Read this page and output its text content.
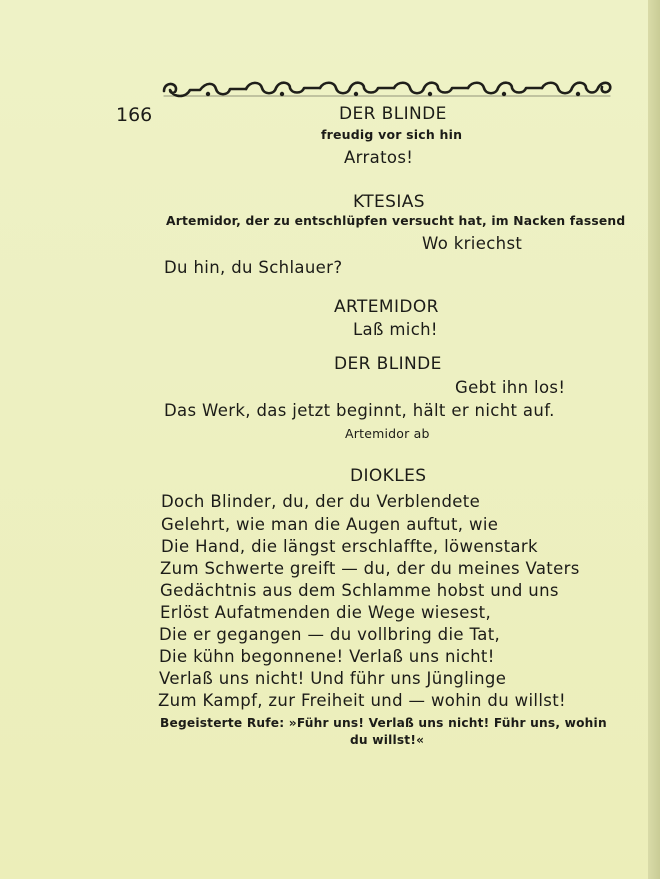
166	DER BLINDE
freudig vor sich hin
Arratos!
KTESIAS
Artemidor, der zu entschlüpfen versucht hat, im Nacken fassend
Wo kriechst
Du hin, du Schlauer?
ARTEMIDOR
Laß mich!
DER BLINDE
Gebt ihn los!
Das Werk, das jetzt beginnt, hält er nicht auf.
Artemidor ab
DIOKLES
Doch Blinder, du, der du Verblendete
Gelehrt, wie man die Augen auftut, wie
Die Hand, die längst erschlaffte, löwenstark
Zum Schwerte greift — du, der du meines Vaters
Gedächtnis aus dem Schlamme hobst und uns
Erlöst Aufatmenden die Wege wiesest,
Die er gegangen — du vollbring die Tat,
Die kühn begonnene! Verlaß uns nicht!
Verlaß uns nicht! Und führ uns Jünglinge
Zum Kampf, zur Freiheit und — wohin du willst!
Begeisterte Rufe: »Führ uns! Verlaß uns nicht! Führ uns, wohin
du willst!«
